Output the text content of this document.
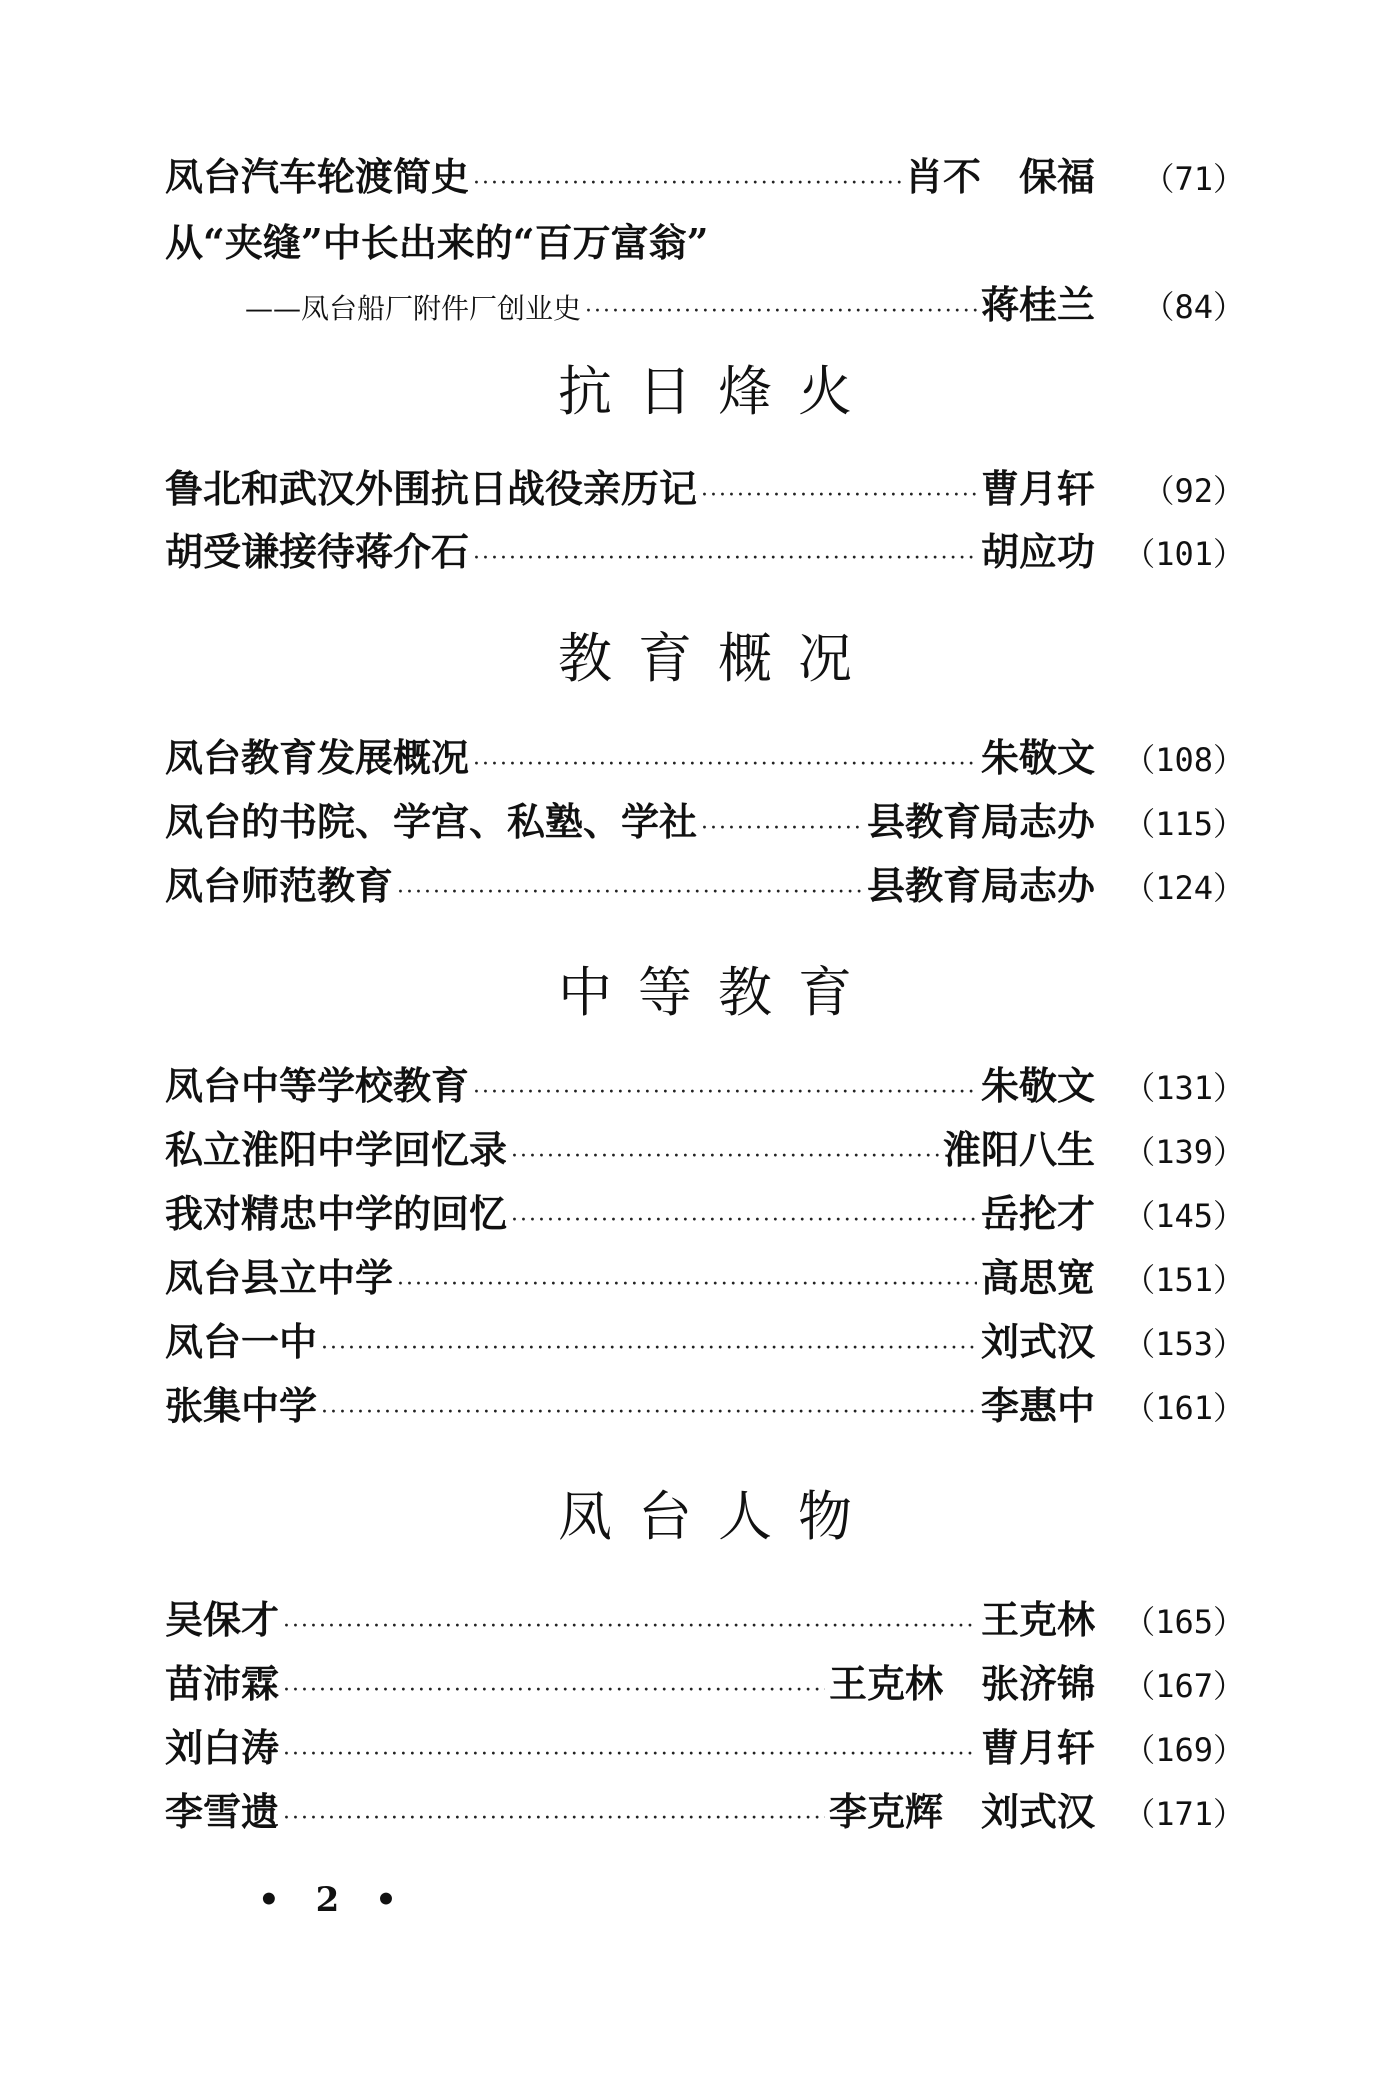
凤台汽车轮渡简史 ·····	肖不　保福	（71）
从“夹缝”中长出来的“百万富翁”
——凤台船厂附件厂创业史 ·····	蒋桂兰	（84）
抗日烽火
鲁北和武汉外围抗日战役亲历记 ·····	曹月轩	（92）
胡受谦接待蒋介石 ·····	胡应功 （101）
教育概况
凤台教育发展概况 ·····	朱敬文 （108）
凤台的书院、学宫、私塾、学社 ·····	县教育局志办 （115）
凤台师范教育 ·····	县教育局志办 （124）
中等教育
凤台中等学校教育 ·····	朱敬文 （131）
私立淮阳中学回忆录 ·····	淮阳八生 （139）
我对精忠中学的回忆 ·····	岳抡才 （145）
凤台县立中学 ·····	高思宽 （151）
凤台一中 ·····	刘式汉 （153）
张集中学 ·····	李惠中 （161）
凤台人物
吴保才 ·····	王克林 （165）
苗沛霖 ·····	王克林　张济锦 （167）
刘白涛 ·····	曹月轩 （169）
李雪遗 ·····	李克辉　刘式汉 （171）
• 2 •
